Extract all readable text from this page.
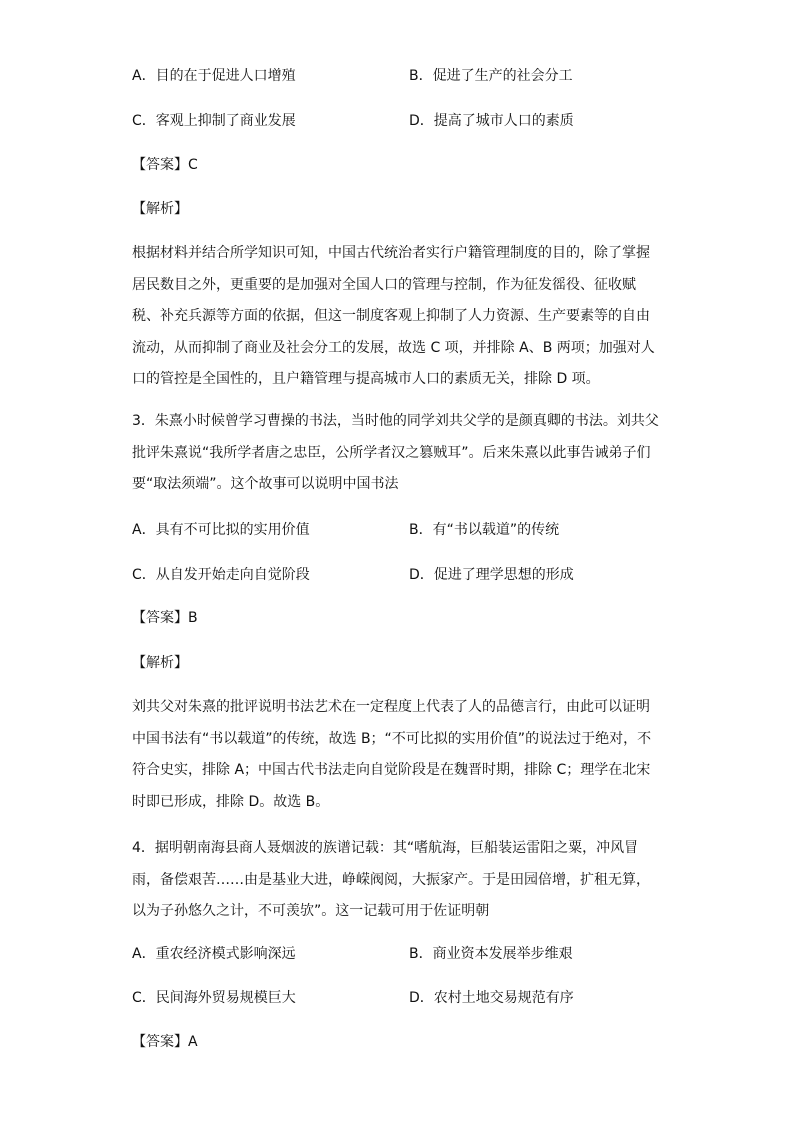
A．目的在于促进人口增殖	B．促进了生产的社会分工
C．客观上抑制了商业发展	D．提高了城市人口的素质
【答案】C
【解析】
根据材料并结合所学知识可知，中国古代统治者实行户籍管理制度的目的，除了掌握
居民数目之外，更重要的是加强对全国人口的管理与控制，作为征发徭役、征收赋
税、补充兵源等方面的依据，但这一制度客观上抑制了人力资源、生产要素等的自由
流动，从而抑制了商业及社会分工的发展，故选 C 项，并排除 A、B 两项；加强对人
口的管控是全国性的，且户籍管理与提高城市人口的素质无关，排除 D 项。
3．朱熹小时候曾学习曹操的书法，当时他的同学刘共父学的是颜真卿的书法。刘共父
批评朱熹说“我所学者唐之忠臣，公所学者汉之篡贼耳”。后来朱熹以此事告诫弟子们
要“取法须端”。这个故事可以说明中国书法
A．具有不可比拟的实用价值	B．有“书以载道”的传统
C．从自发开始走向自觉阶段	D．促进了理学思想的形成
【答案】B
【解析】
刘共父对朱熹的批评说明书法艺术在一定程度上代表了人的品德言行，由此可以证明
中国书法有“书以载道”的传统，故选 B；“不可比拟的实用价值”的说法过于绝对，不
符合史实，排除 A；中国古代书法走向自觉阶段是在魏晋时期，排除 C；理学在北宋
时即已形成，排除 D。故选 B。
4．据明朝南海县商人聂烟波的族谱记载：其“嗜航海，巨船装运雷阳之粟，冲风冒
雨，备偿艰苦……由是基业大进，峥嵘阀阅，大振家产。于是田园倍增，扩租无算，
以为子孙悠久之计，不可羡欤”。这一记载可用于佐证明朝
A．重农经济模式影响深远	B．商业资本发展举步维艰
C．民间海外贸易规模巨大	D．农村土地交易规范有序
【答案】A
